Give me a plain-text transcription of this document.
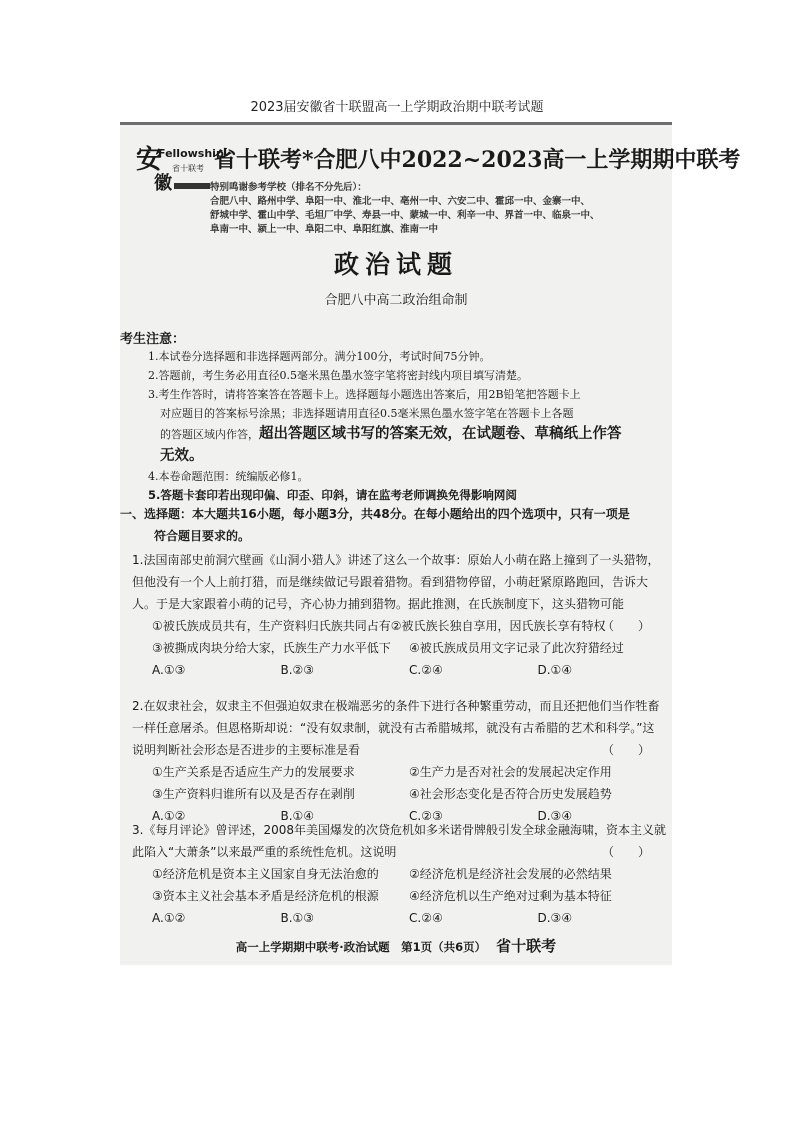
2023届安徽省十联盟高一上学期政治期中联考试题
安
Fellowship
徽
省十联考 省十联考*合肥八中2022~2023高一上学期期中联考
特别鸣谢参考学校（排名不分先后）：
合肥八中、路州中学、阜阳一中、淮北一中、亳州一中、六安二中、霍邱一中、金寨一中、
舒城中学、霍山中学、毛坦厂中学、寿县一中、蒙城一中、利辛一中、界首一中、临泉一中、
阜南一中、颍上一中、阜阳二中、阜阳红旗、淮南一中
政治试题
合肥八中高二政治组命制
考生注意：

1.本试卷分选择题和非选择题两部分。满分100分，考试时间75分钟。

2.答题前，考生务必用直径0.5毫米黑色墨水签字笔将密封线内项目填写清楚。

3.考生作答时，请将答案答在答题卡上。选择题每小题选出答案后，用2B铅笔把答题卡上

对应题目的答案标号涂黑；非选择题请用直径0.5毫米黑色墨水签字笔在答题卡上各题

的答题区域内作答，超出答题区域书写的答案无效，在试题卷、草稿纸上作答

无效。

4.本卷命题范围：统编版必修1。

5.答题卡套印若出现印偏、印歪、印斜，请在监考老师调换免得影响网阅

一、选择题：本大题共16小题，每小题3分，共48分。在每小题给出的四个选项中，只有一项是
符合题目要求的。
1.法国南部史前洞穴壁画《山洞小猎人》讲述了这么一个故事：原始人小萌在路上撞到了一头猎物，但他没有一个人上前打猎，而是继续做记号跟着猎物。看到猎物停留，小萌赶紧原路跑回，告诉大人。于是大家跟着小萌的记号，齐心协力捕到猎物。据此推测，在氏族制度下，这头猎物可能
（　　）
①被氏族成员共有，生产资料归氏族共同占有 ②被氏族长独自享用，因氏族长享有特权
③被撕成肉块分给大家，氏族生产力水平低下	④被氏族成员用文字记录了此次狩猎经过
A.①③	B.②③	C.②④	D.①④
2.在奴隶社会，奴隶主不但强迫奴隶在极端恶劣的条件下进行各种繁重劳动，而且还把他们当作牲畜一样任意屠杀。但恩格斯却说：“没有奴隶制，就没有古希腊城邦，就没有古希腊的艺术和科学。”这说明判断社会形态是否进步的主要标准是看	（　　）
①生产关系是否适应生产力的发展要求	②生产力是否对社会的发展起决定作用
③生产资料归谁所有以及是否存在剥削	④社会形态变化是否符合历史发展趋势
A.①②	B.①④	C.②③	D.③④
3.《每月评论》曾评述，2008年美国爆发的次贷危机如多米诺骨牌般引发全球金融海啸，资本主义就此陷入“大萧条”以来最严重的系统性危机。这说明	（　　）
①经济危机是资本主义国家自身无法治愈的	②经济危机是经济社会发展的必然结果
③资本主义社会基本矛盾是经济危机的根源	④经济危机以生产绝对过剩为基本特征
A.①②	B.①③	C.②④	D.③④
高一上学期期中联考·政治试题　第1页（共6页） 省十联考
